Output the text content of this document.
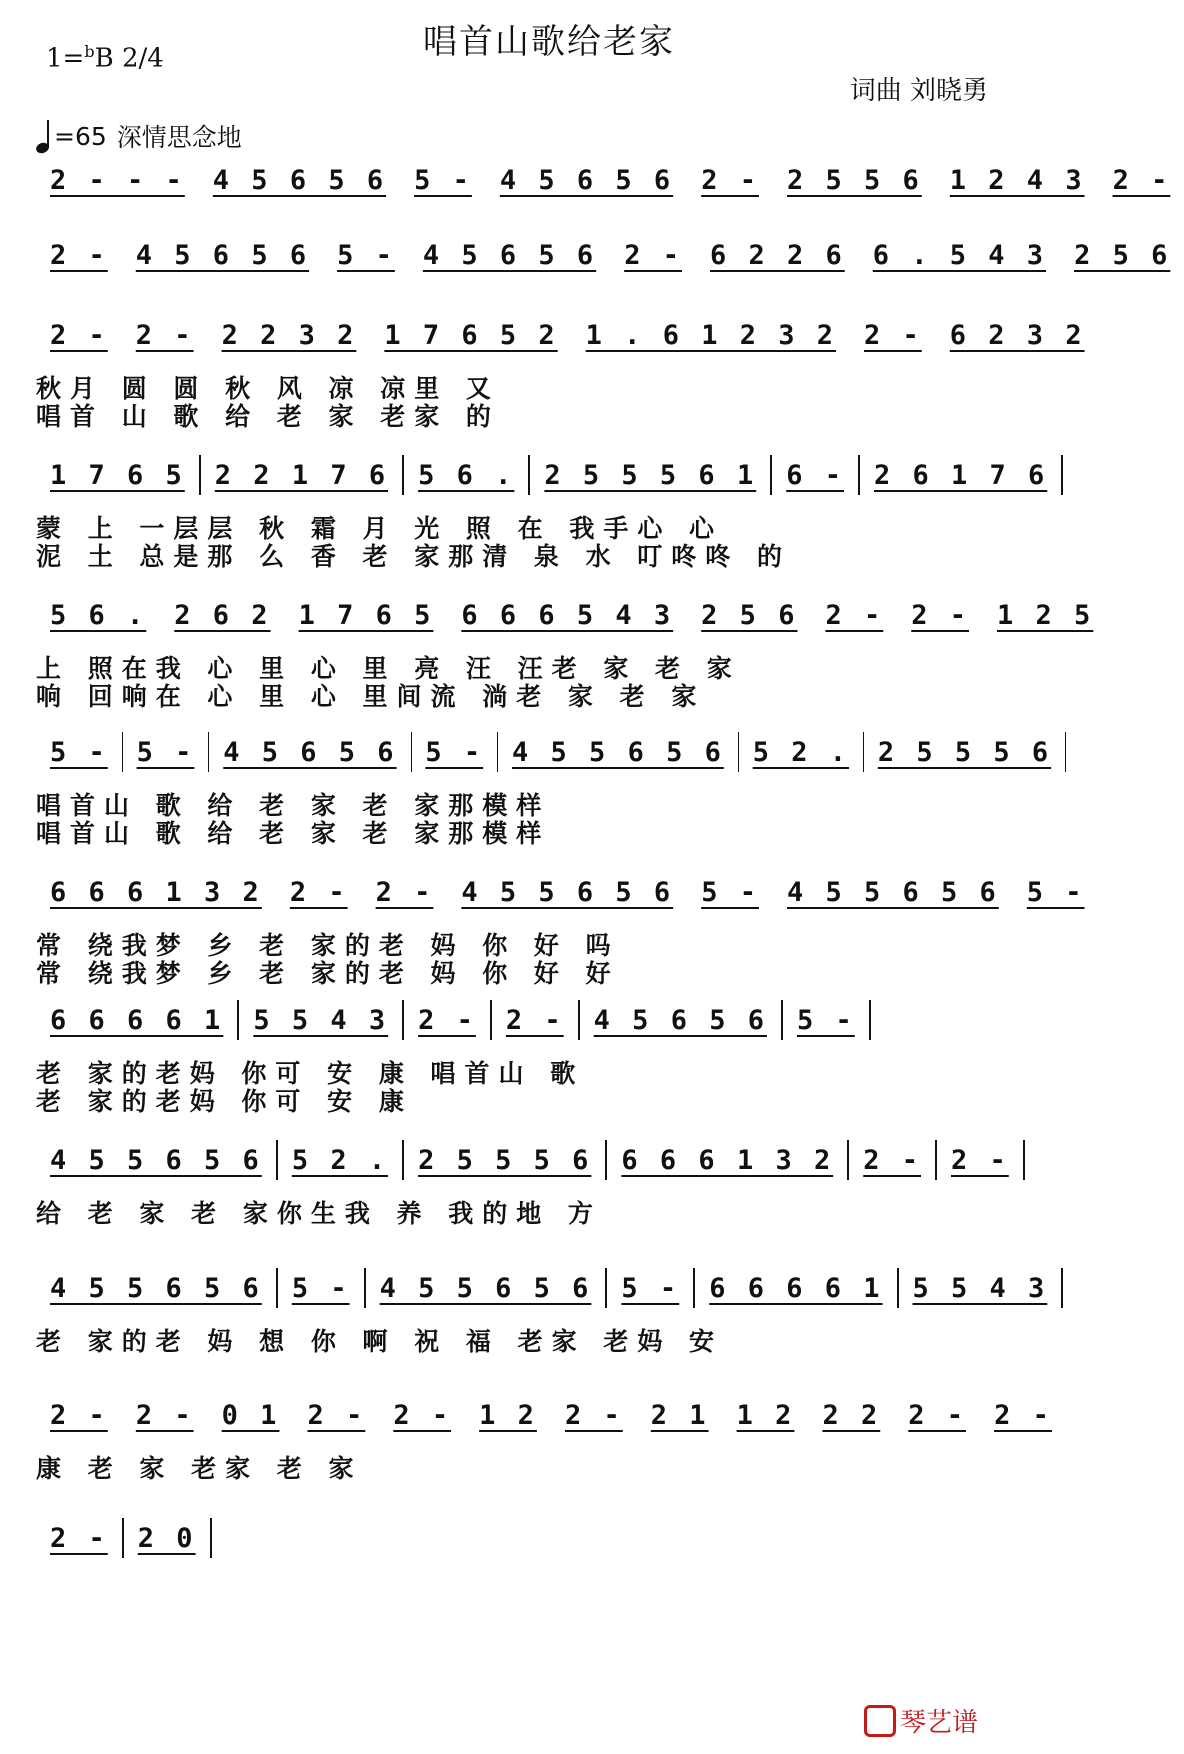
唱首山歌给老家
1=$^b$B 2/4
词曲 刘晓勇
=65 深情思念地
2 - - -	4 5 6 5 6	5 -	4 5 6 5 6	2 -	2 5 5 6	1 2 4 3	2 -
2 -	4 5 6 5 6	5 -	4 5 6 5 6	2 -	6 2 2 6	6 . 5 4 3	2 5 6
2 -	2 -	2 2 3 2	1 7 6 5 2	1 . 6 1 2 3 2	2 -	6 2 3 2
秋月 圆 圆 秋 风 凉 凉里 又
唱首 山 歌 给 老 家 老家 的
1 7 6 5	2 2 1 7 6	5 6 .	2 5 5 5 6 1	6 -	2 6 1 7 6
蒙 上 一层层 秋 霜 月 光 照 在 我手心 心
泥 土 总是那 么 香 老 家那清 泉 水 叮咚咚 的
5 6 .	2 6 2	1 7 6 5	6 6 6 5 4 3	2 5 6	2 -	2 -	1 2 5
上 照在我 心 里 心 里 亮 汪 汪老 家 老 家
响 回响在 心 里 心 里间流 淌老 家 老 家
5 -	5 -	4 5 6 5 6	5 -	4 5 5 6 5 6	5 2 .	2 5 5 5 6
唱首山 歌 给 老 家 老 家那模样
唱首山 歌 给 老 家 老 家那模样
6 6 6 1 3 2	2 -	2 -	4 5 5 6 5 6	5 -	4 5 5 6 5 6	5 -
常 绕我梦 乡 老 家的老 妈 你 好 吗
常 绕我梦 乡 老 家的老 妈 你 好 好
6 6 6 6 1	5 5 4 3	2 -	2 -	4 5 6 5 6	5 -
老 家的老妈 你可 安 康 唱首山 歌
老 家的老妈 你可 安 康
4 5 5 6 5 6	5 2 .	2 5 5 5 6	6 6 6 1 3 2	2 -	2 -
给 老 家 老 家你生我 养 我的地 方
4 5 5 6 5 6	5 -	4 5 5 6 5 6	5 -	6 6 6 6 1	5 5 4 3
老 家的老 妈 想 你 啊 祝 福 老家 老妈 安
2 -	2 -	0 1	2 -	2 -	1 2	2 -	2 1	1 2	2 2	2 -	2 -
康 老 家 老家 老 家
2 -	2 0
琴艺谱
